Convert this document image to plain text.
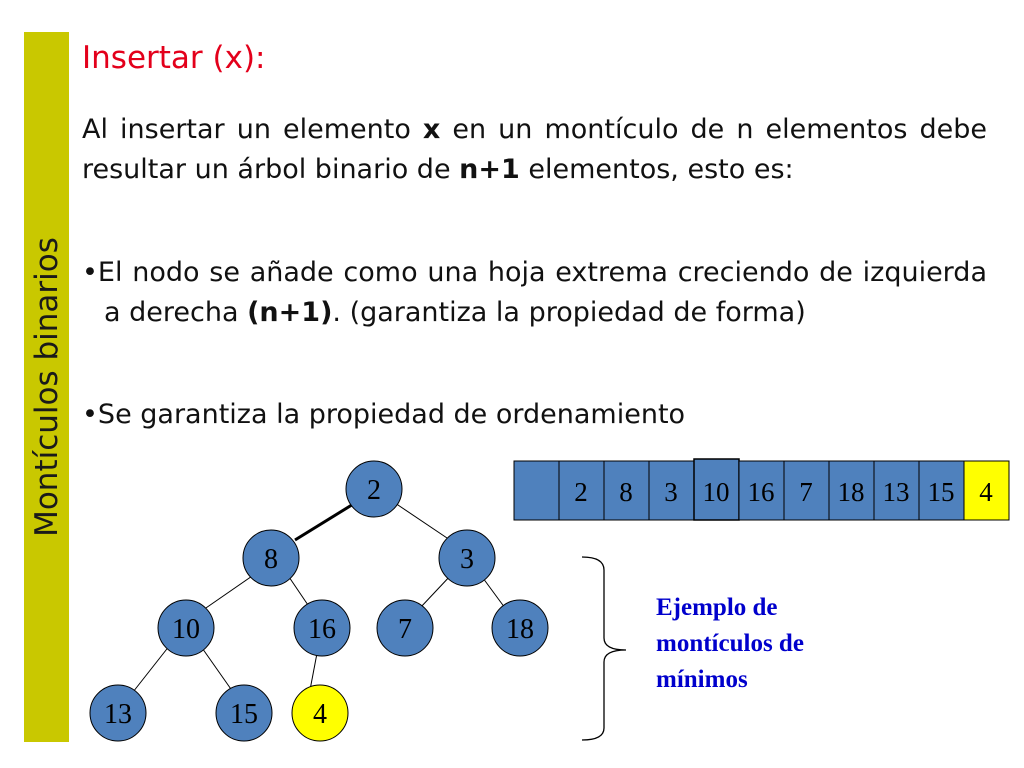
Montículos binarios
Insertar (x):

Al insertar un elemento x en un montículo de n elementos debe resultar un árbol binario de n+1 elementos, esto es:

•El nodo se añade como una hoja extrema creciendo de izquierda a derecha (n+1). (garantiza la propiedad de forma)

•Se garantiza la propiedad de ordenamiento

2
8	3
10	16 7	18
13	15 4
2 8 3 10 16 7 18 13 15 4
Ejemplo de montículos de mínimos
